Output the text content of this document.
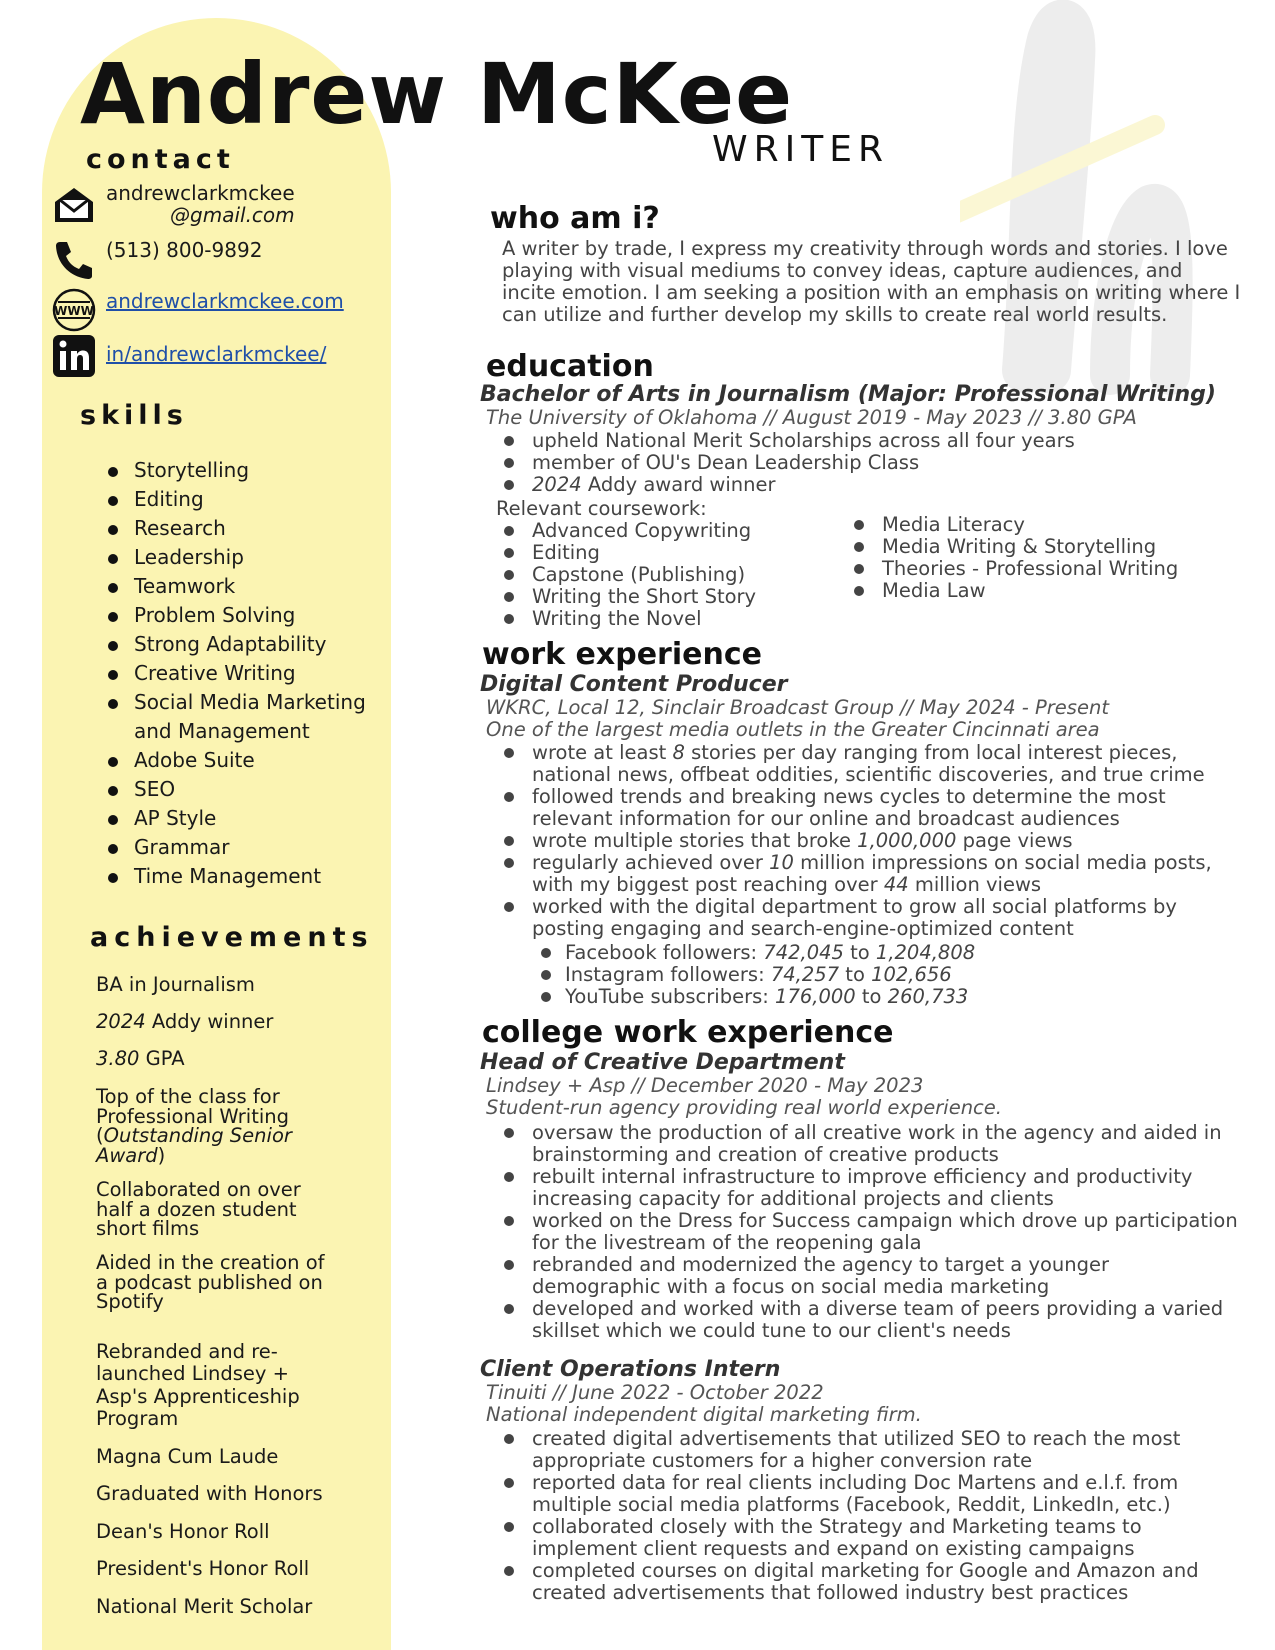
Andrew McKee
WRITER
contact
andrewclarkmckee
@gmail.com
(513) 800-9892
WWW andrewclarkmckee.com
in/andrewclarkmckee/
skills
Storytelling
Editing
Research
Leadership
Teamwork
Problem Solving
Strong Adaptability
Creative Writing
Social Media Marketing and Management
Adobe Suite
SEO
AP Style
Grammar
Time Management
achievements
BA in Journalism
2024 Addy winner
3.80 GPA
Top of the class for Professional Writing
(Outstanding Senior Award)
Collaborated on over half a dozen student short films
Aided in the creation of a podcast published on Spotify
Rebranded and re-launched Lindsey + Asp's Apprenticeship Program
Magna Cum Laude
Graduated with Honors
Dean's Honor Roll
President's Honor Roll
National Merit Scholar
who am i?
A writer by trade, I express my creativity through words and stories. I love playing with visual mediums to convey ideas, capture audiences, and incite emotion. I am seeking a position with an emphasis on writing where I can utilize and further develop my skills to create real world results.
education
Bachelor of Arts in Journalism (Major: Professional Writing)
The University of Oklahoma // August 2019 - May 2023 // 3.80 GPA
upheld National Merit Scholarships across all four years
member of OU's Dean Leadership Class
2024 Addy award winner
Relevant coursework:
Advanced Copywriting
Editing
Capstone (Publishing)
Writing the Short Story
Writing the Novel
Media Literacy
Media Writing & Storytelling
Theories - Professional Writing
Media Law
work experience
Digital Content Producer
WKRC, Local 12, Sinclair Broadcast Group // May 2024 - Present
One of the largest media outlets in the Greater Cincinnati area
wrote at least 8 stories per day ranging from local interest pieces, national news, offbeat oddities, scientific discoveries, and true crime
followed trends and breaking news cycles to determine the most relevant information for our online and broadcast audiences
wrote multiple stories that broke 1,000,000 page views
regularly achieved over 10 million impressions on social media posts, with my biggest post reaching over 44 million views
worked with the digital department to grow all social platforms by posting engaging and search-engine-optimized content
Facebook followers: 742,045 to 1,204,808
Instagram followers: 74,257 to 102,656
YouTube subscribers: 176,000 to 260,733
college work experience
Head of Creative Department
Lindsey + Asp // December 2020 - May 2023
Student-run agency providing real world experience.
oversaw the production of all creative work in the agency and aided in brainstorming and creation of creative products
rebuilt internal infrastructure to improve efficiency and productivity increasing capacity for additional projects and clients
worked on the Dress for Success campaign which drove up participation for the livestream of the reopening gala
rebranded and modernized the agency to target a younger demographic with a focus on social media marketing
developed and worked with a diverse team of peers providing a varied skillset which we could tune to our client's needs
Client Operations Intern
Tinuiti // June 2022 - October 2022
National independent digital marketing firm.
created digital advertisements that utilized SEO to reach the most appropriate customers for a higher conversion rate
reported data for real clients including Doc Martens and e.l.f. from multiple social media platforms (Facebook, Reddit, LinkedIn, etc.)
collaborated closely with the Strategy and Marketing teams to implement client requests and expand on existing campaigns
completed courses on digital marketing for Google and Amazon and created advertisements that followed industry best practices
